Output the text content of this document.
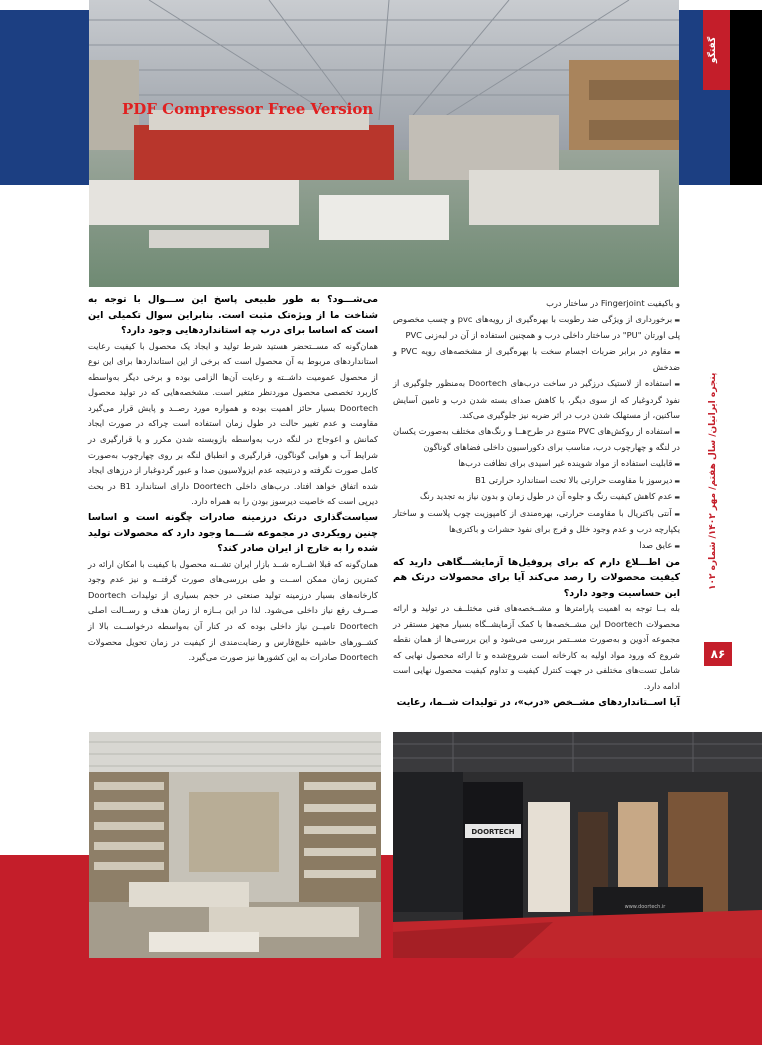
گفتگو
پنجره ایرانیان/ سال هفتم/ مهر ۱۴۰۲/ شماره ۱۰۲
۸۶
PDF Compressor Free Version

می‌شـــود؟ به طور طبیعی پاسخ این ســـوال با توجه به شناخت ما از ویژه‌تک مثبت است. بنابراین سوال تکمیلی این است که اساسا برای درب چه استانداردهایی وجود دارد؟

همان‌گونه که مســتحضر هستید شرط تولید و ایجاد یک محصول با کیفیت رعایت استانداردهای مربوط به آن محصول است که برخی از این استانداردها برای این نوع از محصول عمومیت داشــته و رعایت آن‌ها الزامی بوده و برخی دیگر به‌واسطه کاربرد تخصصی محصول موردنظر متغیر است. مشخصه‌هایی که در تولید محصول Doortech بسیار حائز اهمیت بوده و همواره مورد رصــد و پایش قرار می‌گیرد مقاومت و عدم تغییر حالت در طول زمان استفاده است چراکه در صورت ایجاد کمانش و اعوجاج در لنگه درب به‌واسطه بازوبسته شدن مکرر و یا قرارگیری در شرایط آب و هوایی گوناگون، قرارگیری و انطباق لنگه بر روی چهارچوب به‌صورت کامل صورت نگرفته و درنتیجه عدم ایزولاسیون صدا و عبور گردوغبار از درزهای ایجاد شده اتفاق خواهد افتاد. درب‌های داخلی Doortech دارای استاندارد B1 در بحث دیرپی است که خاصیت دیرسوز بودن را به همراه دارد.

سیاست‌گذاری درتک درزمینه صادرات چگونه است و اساسا چنین رویکردی در مجموعه شـــما وجود دارد که محصولات تولید شده را به خارج از ایران صادر کند؟

همان‌گونه که قبلا اشــاره شــد بازار ایران تشــنه محصول با کیفیت با امکان ارائه در کمترین زمان ممکن اســت و طی بررسی‌های صورت گرفتــه و نیز عدم وجود کارخانه‌های بسیار درزمینه تولید صنعتی در حجم بسیاری از تولیدات Doortech صــرف رفع نیاز داخلی می‌شود. لذا در این بــازه از زمان هدف و رســالت اصلی Doortech تامیــن نیاز داخلی بوده که در کنار آن به‌واسطه درخواســت بالا از کشــورهای حاشیه خلیج‌فارس و رضایت‌مندی از کیفیت در زمان تحویل محصولات Doortech صادرات به این کشورها نیز صورت می‌گیرد.

و باکیفیت Fingerjoint در ساختار درب

▬ برخورداری از ویژگی ضد رطوبت با بهره‌گیری از رویه‌های pvc و چسب مخصوص پلی اورتان "PU" در ساختار داخلی درب و همچنین استفاده از آن در لبه‌زنی PVC

▬ مقاوم در برابر ضربات اجسام سخت با بهره‌گیری از مشخصه‌های رویه PVC و ضدخش

▬ استفاده از لاستیک درزگیر در ساخت درب‌های Doortech به‌منظور جلوگیری از نفوذ گردوغبار که از سوی دیگر، با کاهش صدای بسته شدن درب و تامین آسایش ساکنین، از مستهلک شدن درب در اثر ضربه نیز جلوگیری می‌کند.

▬ استفاده از روکش‌های PVC متنوع در طرح‌هــا و رنگ‌های مختلف به‌صورت یکسان در لنگه و چهارچوب درب، مناسب برای دکوراسیون داخلی فضاهای گوناگون

▬ قابلیت استفاده از مواد شوینده غیر اسیدی برای نظافت درب‌ها

▬ دیرسوز با مقاومت حرارتی بالا تحت استاندارد حرارتی B1

▬ عدم کاهش کیفیت رنگ و جلوه آن در طول زمان و بدون نیاز به تجدید رنگ

▬ آنتی باکتریال با مقاومت حرارتی، بهره‌مندی از کامپوزیت چوب پلاست و ساختار یکپارچه درب و عدم وجود خلل و فرج برای نفوذ حشرات و باکتری‌ها

▬ عایق صدا

من اطـــلاع دارم که برای پروفیل‌ها آزمایشـــگاهی دارید که کیفیت محصولات را رصد می‌کند آیا برای محصولات درتک هم این حساسیت وجود دارد؟

بله بــا توجه به اهمیت پارامترها و مشــخصه‌های فنی مختلــف در تولید و ارائه محصولات Doortech این مشــخصه‌ها با کمک آزمایشــگاه بسیار مجهز مستقر در مجموعه آدوین و به‌صورت مســتمر بررسی می‌شود و این بررسی‌ها از همان نقطه شروع که ورود مواد اولیه به کارخانه است شروع‌شده و تا ارائه محصول نهایی که شامل تست‌های مختلفی در جهت کنترل کیفیت و تداوم کیفیت محصول نهایی است ادامه دارد.

آیا اســتانداردهای مشــخص «درب»، در تولیدات شــما، رعایت

DOORTECH
www.doortech.ir
